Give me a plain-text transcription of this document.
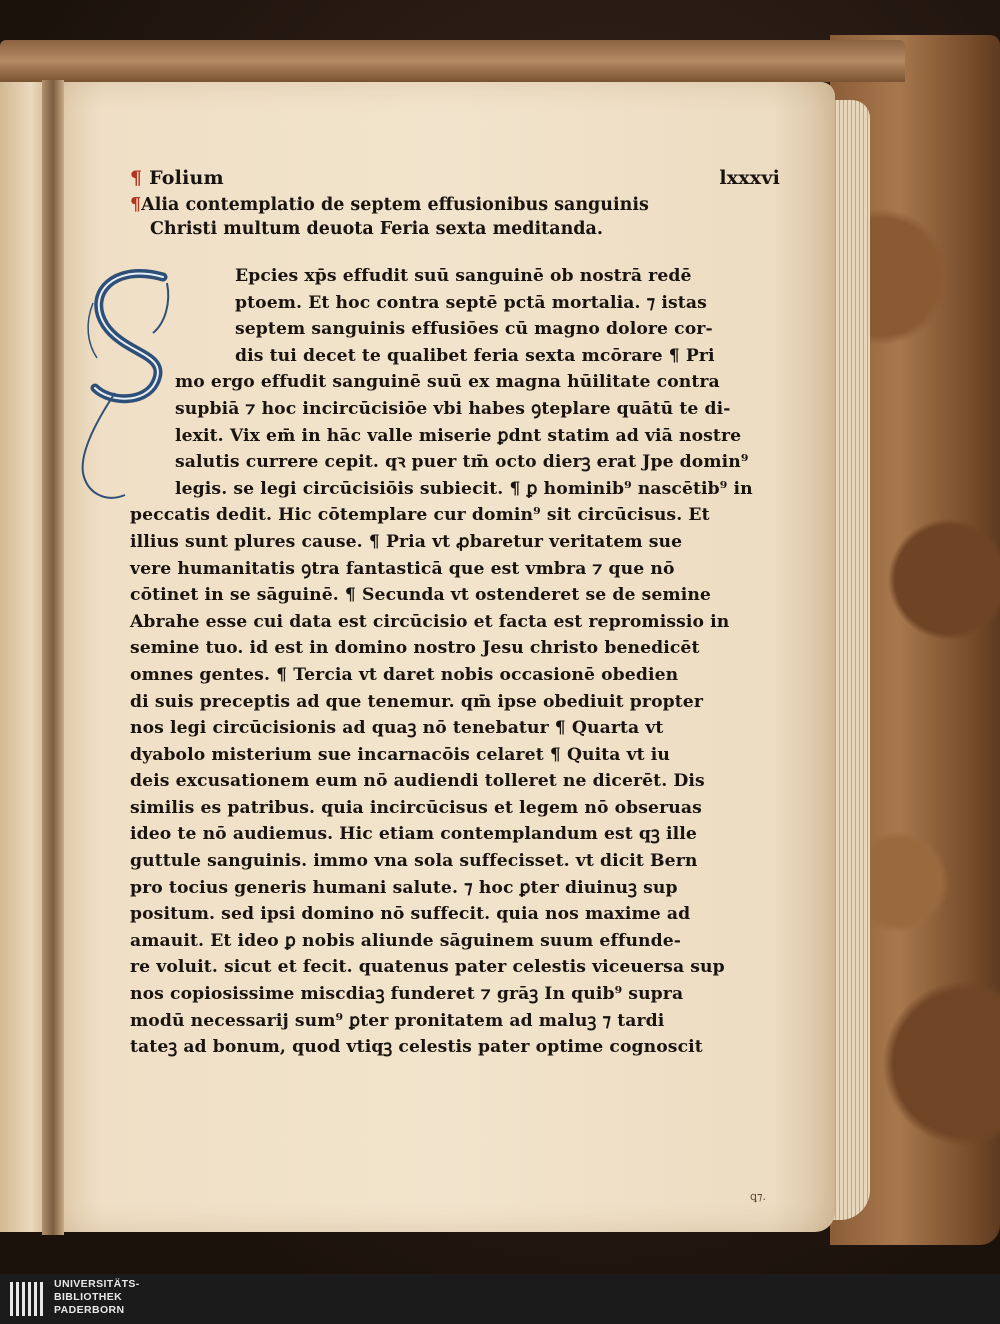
¶ Folium	lxxxvi

¶Alia contemplatio de septem effusionibus sanguinis

Christi multum deuota Feria sexta meditanda.

Epcies xp̄s effudit suū sanguinē ob nostrā redē

ptoem. Et hoc contra septē pctā mortalia. ⁊ istas

septem sanguinis effusiōes cū magno dolore cor-

dis tui decet te qualibet feria sexta mcōrare ¶ Pri

mo ergo effudit sanguinē suū ex magna hūilitate contra

supbiā ⁊ hoc incircūcisiōe vbi habes ꝯteplare quātū te di-

lexit. Vix em̄ in hāc valle miserie ꝑdnt statim ad viā nostre

salutis currere cepit. qꝛ puer tm̄ octo dierꝫ erat Jpe domin⁹

legis. se legi circūcisiōis subiecit. ¶ ꝑ hominib⁹ nascētib⁹ in

peccatis dedit. Hic cōtemplare cur domin⁹ sit circūcisus. Et

illius sunt plures cause. ¶ Pria vt ꝓbaretur veritatem sue

vere humanitatis ꝯtra fantasticā que est vmbra ⁊ que nō

cōtinet in se sāguinē. ¶ Secunda vt ostenderet se de semine

Abrahe esse cui data est circūcisio et facta est repromissio in

semine tuo. id est in domino nostro Jesu christo benedicēt

omnes gentes. ¶ Tercia vt daret nobis occasionē obedien

di suis preceptis ad que tenemur. qm̄ ipse obediuit propter

nos legi circūcisionis ad quaꝫ nō tenebatur ¶ Quarta vt

dyabolo misterium sue incarnacōis celaret ¶ Quita vt iu

deis excusationem eum nō audiendi tolleret ne dicerēt. Dis

similis es patribus. quia incircūcisus et legem nō obseruas

ideo te nō audiemus. Hic etiam contemplandum est qꝫ ille

guttule sanguinis. immo vna sola suffecisset. vt dicit Bern

pro tocius generis humani salute. ⁊ hoc ꝑter diuinuꝫ sup

positum. sed ipsi domino nō suffecit. quia nos maxime ad

amauit. Et ideo ꝑ nobis aliunde sāguinem suum effunde-

re voluit. sicut et fecit. quatenus pater celestis viceuersa sup

nos copiosissime miscdiaꝫ funderet ⁊ grāꝫ In quib⁹ supra

modū necessarij sum⁹ ꝑter pronitatem ad maluꝫ ⁊ tardi

tateꝫ ad bonum, quod vtiqꝫ celestis pater optime cognoscit

ꝗ⁊.
UNIVERSITÄTS-
BIBLIOTHEK
PADERBORN
